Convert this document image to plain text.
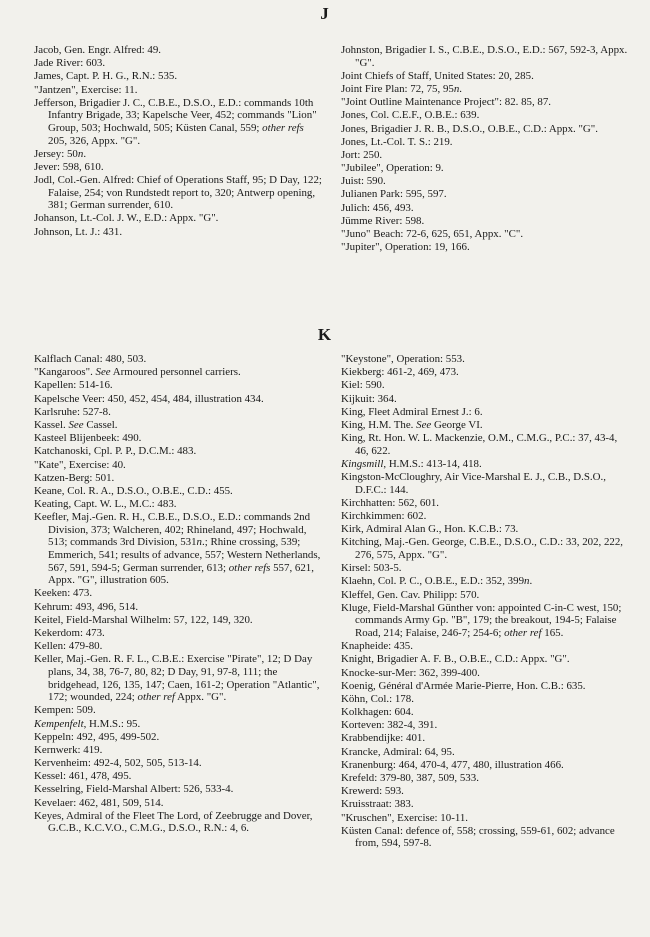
J

Jacob, Gen. Engr. Alfred: 49.

Jade River: 603.

James, Capt. P. H. G., R.N.: 535.

"Jantzen", Exercise: 11.

Jefferson, Brigadier J. C., C.B.E., D.S.O., E.D.: commands 10th Infantry Brigade, 33; Kapelsche Veer, 452; commands "Lion" Group, 503; Hochwald, 505; Küsten Canal, 559; other refs 205, 326, Appx. "G".

Jersey: 50n.

Jever: 598, 610.

Jodl, Col.-Gen. Alfred: Chief of Operations Staff, 95; D Day, 122; Falaise, 254; von Rundstedt report to, 320; Antwerp opening, 381; German surrender, 610.

Johanson, Lt.-Col. J. W., E.D.: Appx. "G".

Johnson, Lt. J.: 431.

Johnston, Brigadier I. S., C.B.E., D.S.O., E.D.: 567, 592-3, Appx. "G".

Joint Chiefs of Staff, United States: 20, 285.

Joint Fire Plan: 72, 75, 95n.

"Joint Outline Maintenance Project": 82. 85, 87.

Jones, Col. C.E.F., O.B.E.: 639.

Jones, Brigadier J. R. B., D.S.O., O.B.E., C.D.: Appx. "G".

Jones, Lt.-Col. T. S.: 219.

Jort: 250.

"Jubilee", Operation: 9.

Juist: 590.

Julianen Park: 595, 597.

Julich: 456, 493.

Jümme River: 598.

"Juno" Beach: 72-6, 625, 651, Appx. "C".

"Jupiter", Operation: 19, 166.

K

Kalflach Canal: 480, 503.

"Kangaroos". See Armoured personnel carriers.

Kapellen: 514-16.

Kapelsche Veer: 450, 452, 454, 484, illustration 434.

Karlsruhe: 527-8.

Kassel. See Cassel.

Kasteel Blijenbeek: 490.

Katchanoski, Cpl. P. P., D.C.M.: 483.

"Kate", Exercise: 40.

Katzen-Berg: 501.

Keane, Col. R. A., D.S.O., O.B.E., C.D.: 455.

Keating, Capt. W. L., M.C.: 483.

Keefler, Maj.-Gen. R. H., C.B.E., D.S.O., E.D.: commands 2nd Division, 373; Walcheren, 402; Rhineland, 497; Hochwald, 513; commands 3rd Division, 531n.; Rhine crossing, 539; Emmerich, 541; results of advance, 557; Western Netherlands, 567, 591, 594-5; German surrender, 613; other refs 557, 621, Appx. "G", illustration 605.

Keeken: 473.

Kehrum: 493, 496, 514.

Keitel, Field-Marshal Wilhelm: 57, 122, 149, 320.

Kekerdom: 473.

Kellen: 479-80.

Keller, Maj.-Gen. R. F. L., C.B.E.: Exercise "Pirate", 12; D Day plans, 34, 38, 76-7, 80, 82; D Day, 91, 97-8, 111; the bridgehead, 126, 135, 147; Caen, 161-2; Operation "Atlantic", 172; wounded, 224; other ref Appx. "G".

Kempen: 509.

Kempenfelt, H.M.S.: 95.

Keppeln: 492, 495, 499-502.

Kernwerk: 419.

Kervenheim: 492-4, 502, 505, 513-14.

Kessel: 461, 478, 495.

Kesselring, Field-Marshal Albert: 526, 533-4.

Kevelaer: 462, 481, 509, 514.

Keyes, Admiral of the Fleet The Lord, of Zeebrugge and Dover, G.C.B., K.C.V.O., C.M.G., D.S.O., R.N.: 4, 6.

"Keystone", Operation: 553.

Kiekberg: 461-2, 469, 473.

Kiel: 590.

Kijkuit: 364.

King, Fleet Admiral Ernest J.: 6.

King, H.M. The. See George VI.

King, Rt. Hon. W. L. Mackenzie, O.M., C.M.G., P.C.: 37, 43-4, 46, 622.

Kingsmill, H.M.S.: 413-14, 418.

Kingston-McCloughry, Air Vice-Marshal E. J., C.B., D.S.O., D.F.C.: 144.

Kirchhatten: 562, 601.

Kirchkimmen: 602.

Kirk, Admiral Alan G., Hon. K.C.B.: 73.

Kitching, Maj.-Gen. George, C.B.E., D.S.O., C.D.: 33, 202, 222, 276, 575, Appx. "G".

Kirsel: 503-5.

Klaehn, Col. P. C., O.B.E., E.D.: 352, 399n.

Kleffel, Gen. Cav. Philipp: 570.

Kluge, Field-Marshal Günther von: appointed C-in-C west, 150; commands Army Gp. "B", 179; the breakout, 194-5; Falaise Road, 214; Falaise, 246-7; 254-6; other ref 165.

Knapheide: 435.

Knight, Brigadier A. F. B., O.B.E., C.D.: Appx. "G".

Knocke-sur-Mer: 362, 399-400.

Koenig, Général d'Armée Marie-Pierre, Hon. C.B.: 635.

Köhn, Col.: 178.

Kolkhagen: 604.

Korteven: 382-4, 391.

Krabbendijke: 401.

Krancke, Admiral: 64, 95.

Kranenburg: 464, 470-4, 477, 480, illustration 466.

Krefeld: 379-80, 387, 509, 533.

Krewerd: 593.

Kruisstraat: 383.

"Kruschen", Exercise: 10-11.

Küsten Canal: defence of, 558; crossing, 559-61, 602; advance from, 594, 597-8.
